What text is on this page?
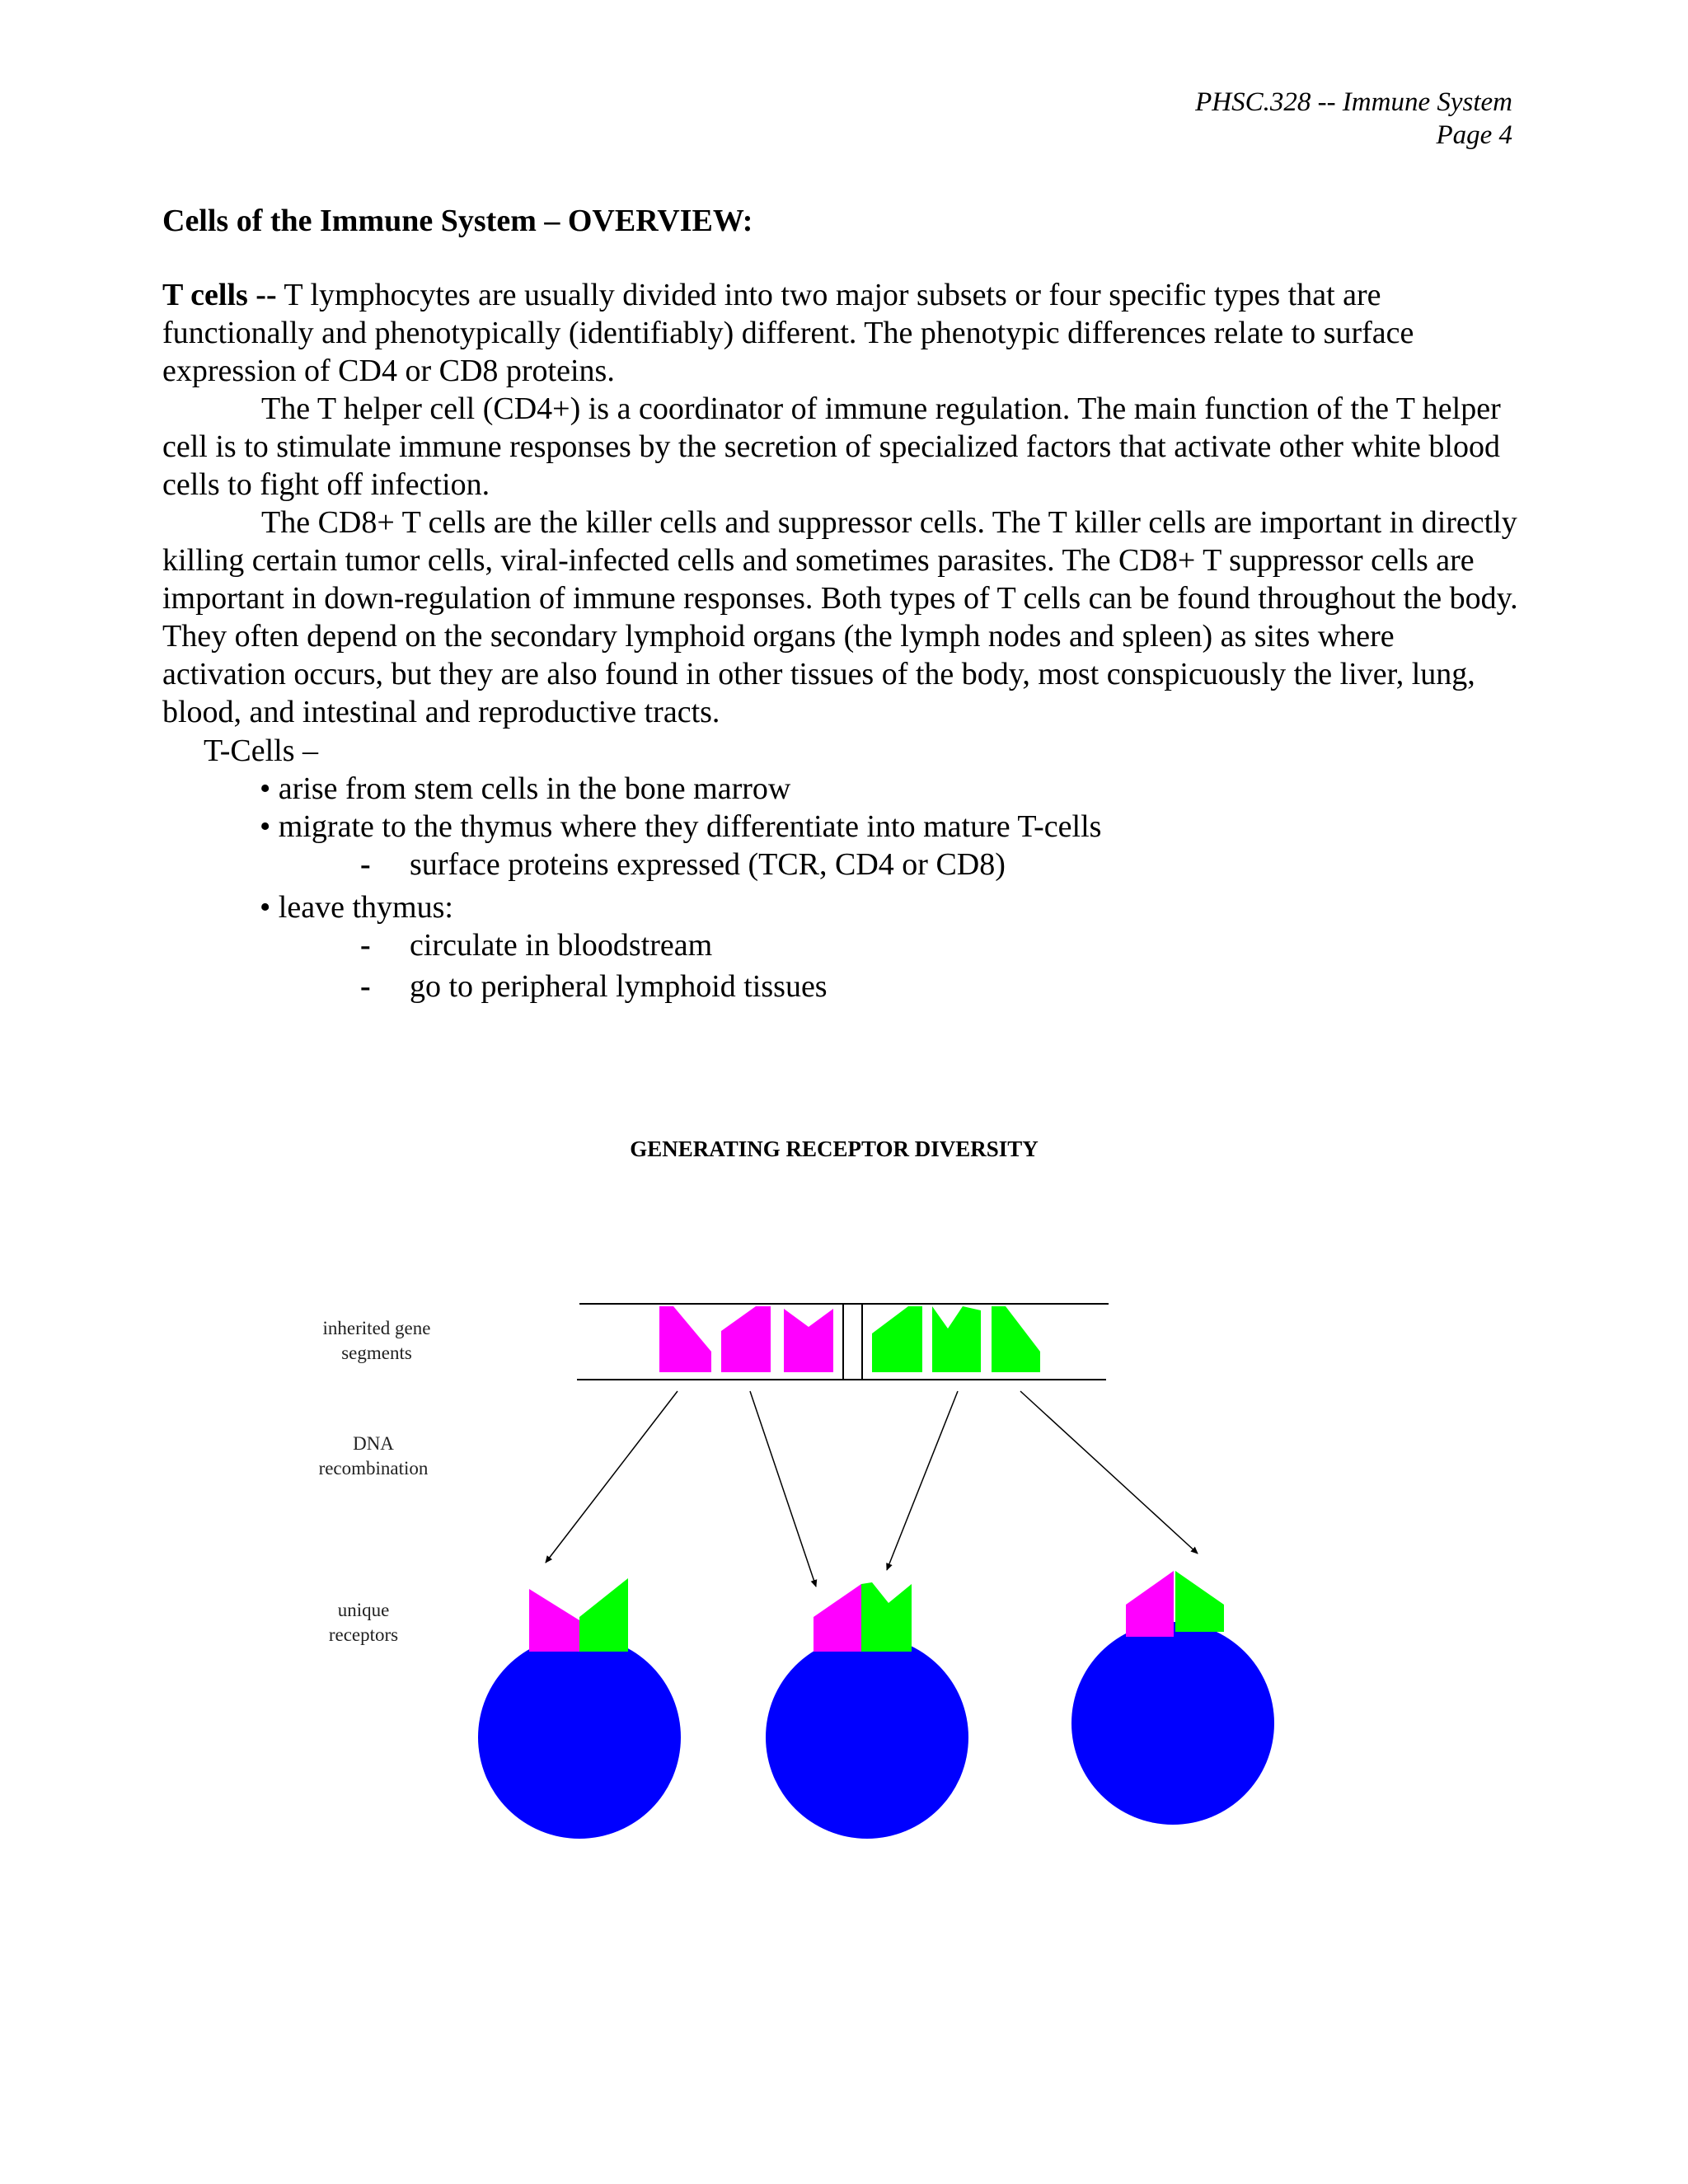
PHSC.328 -- Immune System
Page 4
Cells of the Immune System – OVERVIEW:

T cells -- T lymphocytes are usually divided into two major subsets or four specific types that are functionally and phenotypically (identifiably) different. The phenotypic differences relate to surface expression of CD4 or CD8 proteins.

The T helper cell (CD4+) is a coordinator of immune regulation. The main function of the T helper cell is to stimulate immune responses by the secretion of specialized factors that activate other white blood cells to fight off infection.

The CD8+ T cells are the killer cells and suppressor cells. The T killer cells are important in directly killing certain tumor cells, viral-infected cells and sometimes parasites. The CD8+ T suppressor cells are important in down-regulation of immune responses. Both types of T cells can be found throughout the body. They often depend on the secondary lymphoid organs (the lymph nodes and spleen) as sites where activation occurs, but they are also found in other tissues of the body, most conspicuously the liver, lung, blood, and intestinal and reproductive tracts.

T-Cells –
• arise from stem cells in the bone marrow
• migrate to the thymus where they differentiate into mature T-cells
- surface proteins expressed (TCR, CD4 or CD8)
• leave thymus:
- circulate in bloodstream
- go to peripheral lymphoid tissues
GENERATING RECEPTOR DIVERSITY
inherited gene
segments
DNA
recombination
unique
receptors
